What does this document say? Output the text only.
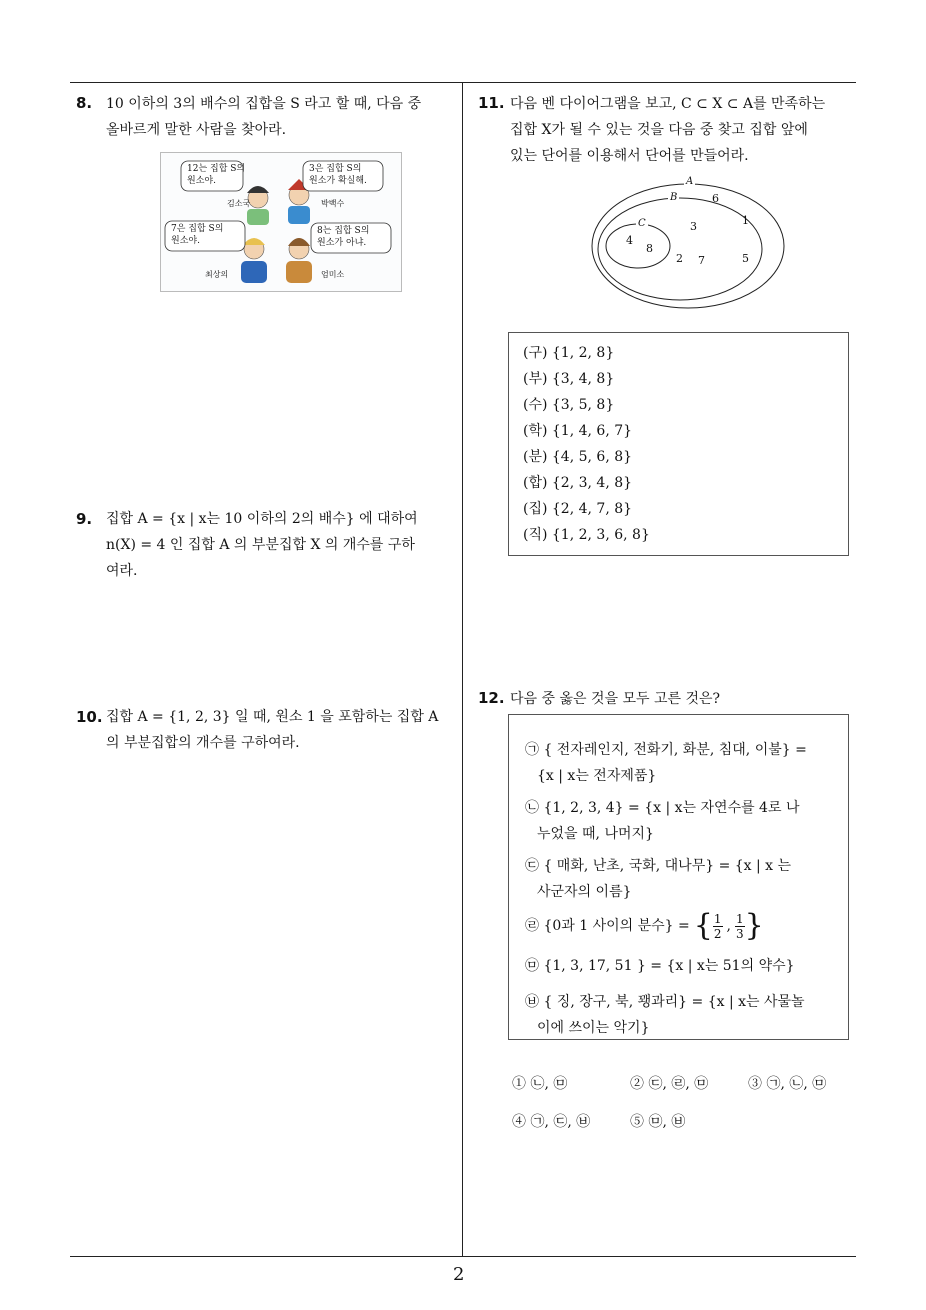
2
8. 10 이하의 3의 배수의 집합을 S 라고 할 때, 다음 중
올바르게 말한 사람을 찾아라.
12는 집합 S의
원소야.
3은 집합 S의
원소가 확실해.
7은 집합 S의
원소야.
8는 집합 S의
원소가 아냐.
김소국	박백수
최상의	엄미소
9. 집합 A = {x | x는 10 이하의 2의 배수} 에 대하여
n(X) = 4 인 집합 A 의 부분집합 X 의 개수를 구하
여라.
10. 집합 A = {1, 2, 3} 일 때, 원소 1 을 포함하는 집합 A
의 부분집합의 개수를 구하여라.
11. 다음 벤 다이어그램을 보고, C ⊂ X ⊂ A를 만족하는
집합 X가 될 수 있는 것을 다음 중 찾고 집합 앞에
있는 단어를 이용해서 단어를 만들어라.
A
B
C
6
1
3
4
8
2 7	5
(구) {1, 2, 8}
(부) {3, 4, 8}
(수) {3, 5, 8}
(학) {1, 4, 6, 7}
(분) {4, 5, 6, 8}
(합) {2, 3, 4, 8}
(집) {2, 4, 7, 8}
(직) {1, 2, 3, 6, 8}
12. 다음 중 옳은 것을 모두 고른 것은?
㉠ { 전자레인지, 전화기, 화분, 침대, 이불} =
{x | x는 전자제품}
㉡ {1, 2, 3, 4} = {x | x는 자연수를 4로 나
누었을 때, 나머지}
㉢ { 매화, 난초, 국화, 대나무} = {x | x 는
사군자의 이름}
㉣ {0과 1 사이의 분수} = { $\frac{1}{2}$ , $\frac{1}{3}$ }
㉤ {1, 3, 17, 51 } = {x | x는 51의 약수}
㉥ { 징, 장구, 북, 꽹과리} = {x | x는 사물놀
이에 쓰이는 악기}
① ㉡, ㉤	② ㉢, ㉣, ㉤	③ ㉠, ㉡, ㉤
④ ㉠, ㉢, ㉥	⑤ ㉤, ㉥
